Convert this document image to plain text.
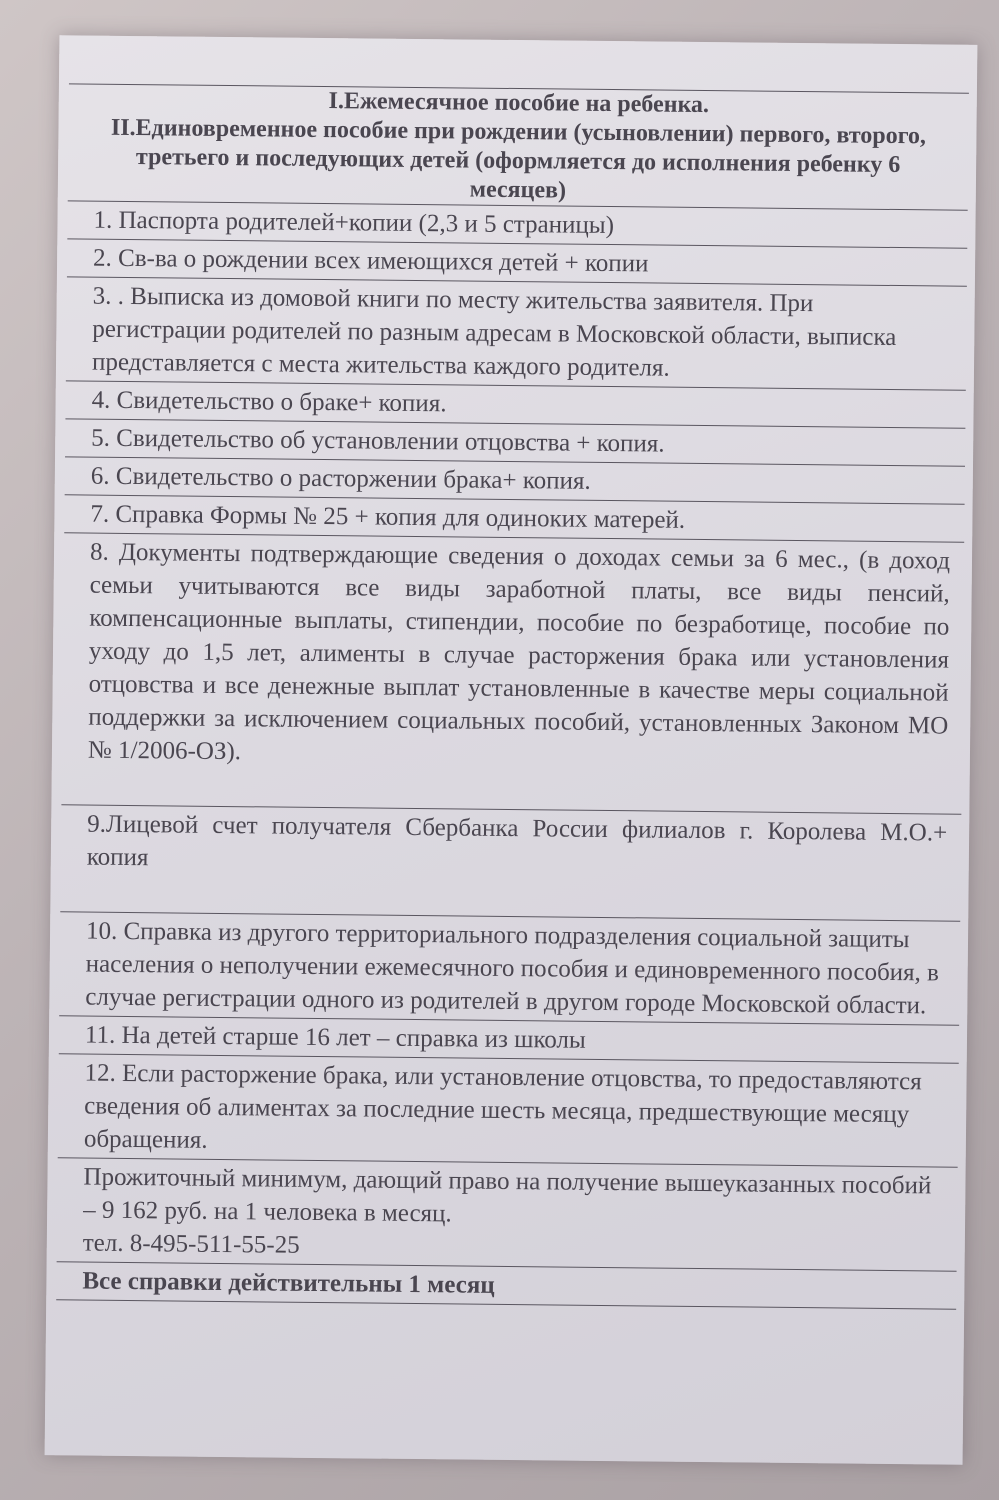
I.Ежемесячное пособие на ребенка.
II.Единовременное пособие при рождении (усыновлении) первого, второго, третьего и последующих детей (оформляется до исполнения ребенку 6 месяцев)
1. Паспорта родителей+копии (2,3 и 5 страницы)
2. Св-ва о рождении всех имеющихся детей + копии
3. . Выписка из домовой книги по месту жительства заявителя. При регистрации родителей по разным адресам в Московской области, выписка представляется с места жительства каждого родителя.
4. Свидетельство о браке+ копия.
5. Свидетельство об установлении отцовства + копия.
6. Свидетельство о расторжении брака+ копия.
7. Справка Формы № 25 + копия для одиноких матерей.
8. Документы подтверждающие сведения о доходах семьи за 6 мес., (в доход семьи учитываются все виды заработной платы, все виды пенсий, компенсационные выплаты, стипендии, пособие по безработице, пособие по уходу до 1,5 лет, алименты в случае расторжения брака или установления отцовства и все денежные выплат установленные в качестве меры социальной поддержки за исключением социальных пособий, установленных Законом МО № 1/2006-ОЗ).
9.Лицевой счет получателя Сбербанка России филиалов г. Королева М.О.+ копия
10. Справка из другого территориального подразделения социальной защиты населения о неполучении ежемесячного пособия и единовременного пособия, в случае регистрации одного из родителей в другом городе Московской области.
11. На детей старше 16 лет – справка из школы
12. Если расторжение брака, или установление отцовства, то предоставляются сведения об алиментах за последние шесть месяца, предшествующие месяцу обращения.
Прожиточный минимум, дающий право на получение вышеуказанных пособий – 9 162 руб. на 1 человека в месяц.
тел. 8-495-511-55-25
Все справки действительны 1 месяц
